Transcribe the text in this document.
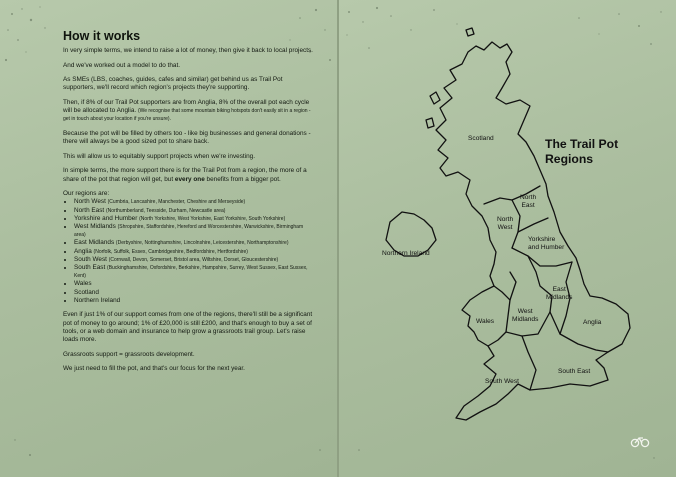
How it works

In very simple terms, we intend to raise a lot of money, then give it back to local projects.

And we've worked out a model to do that.

As SMEs (LBS, coaches, guides, cafes and similar) get behind us as Trail Pot supporters, we'll record which region's projects they're supporting.

Then, if 8% of our Trail Pot supporters are from Anglia, 8% of the overall pot each cycle will be allocated to Anglia. (We recognise that some mountain biking hotspots don't easily sit in a region - get in touch about your location if you're unsure).

Because the pot will be filled by others too - like big businesses and general donations - there will always be a good sized pot to share back.

This will allow us to equitably support projects when we're investing.

In simple terms, the more support there is for the Trail Pot from a region, the more of a share of the pot that region will get, but every one benefits from a bigger pot.

Our regions are:
• North West (Cumbria, Lancashire, Manchester, Cheshire and Merseyside)
• North East (Northumberland, Teesside, Durham, Newcastle area)
• Yorkshire and Humber (North Yorkshire, West Yorkshire, East Yorkshire, South Yorkshire)
• West Midlands (Shropshire, Staffordshire, Hereford and Worcestershire, Warwickshire, Birmingham area)
• East Midlands (Derbyshire, Nottinghamshire, Lincolnshire, Leicestershire, Northamptonshire)
• Anglia (Norfolk, Suffolk, Essex, Cambridgeshire, Bedfordshire, Hertfordshire)
• South West (Cornwall, Devon, Somerset, Bristol area, Wiltshire, Dorset, Gloucestershire)
• South East (Buckinghamshire, Oxfordshire, Berkshire, Hampshire, Surrey, West Sussex, East Sussex, Kent)
• Wales
• Scotland
• Northern Ireland

Even if just 1% of our support comes from one of the regions, there'll still be a significant pot of money to go around; 1% of £20,000 is still £200, and that's enough to buy a set of tools, or a web domain and insurance to help grow a grassroots trail group. Let's raise loads more.

Grassroots support = grassroots development.

We just need to fill the pot, and that's our focus for the next year.

The Trail Pot
Regions
Scotland
Northern Ireland
North
East
North
West
Yorkshire
and Humber
East
Midlands
West
Midlands
Wales	Anglia
South West
South East
